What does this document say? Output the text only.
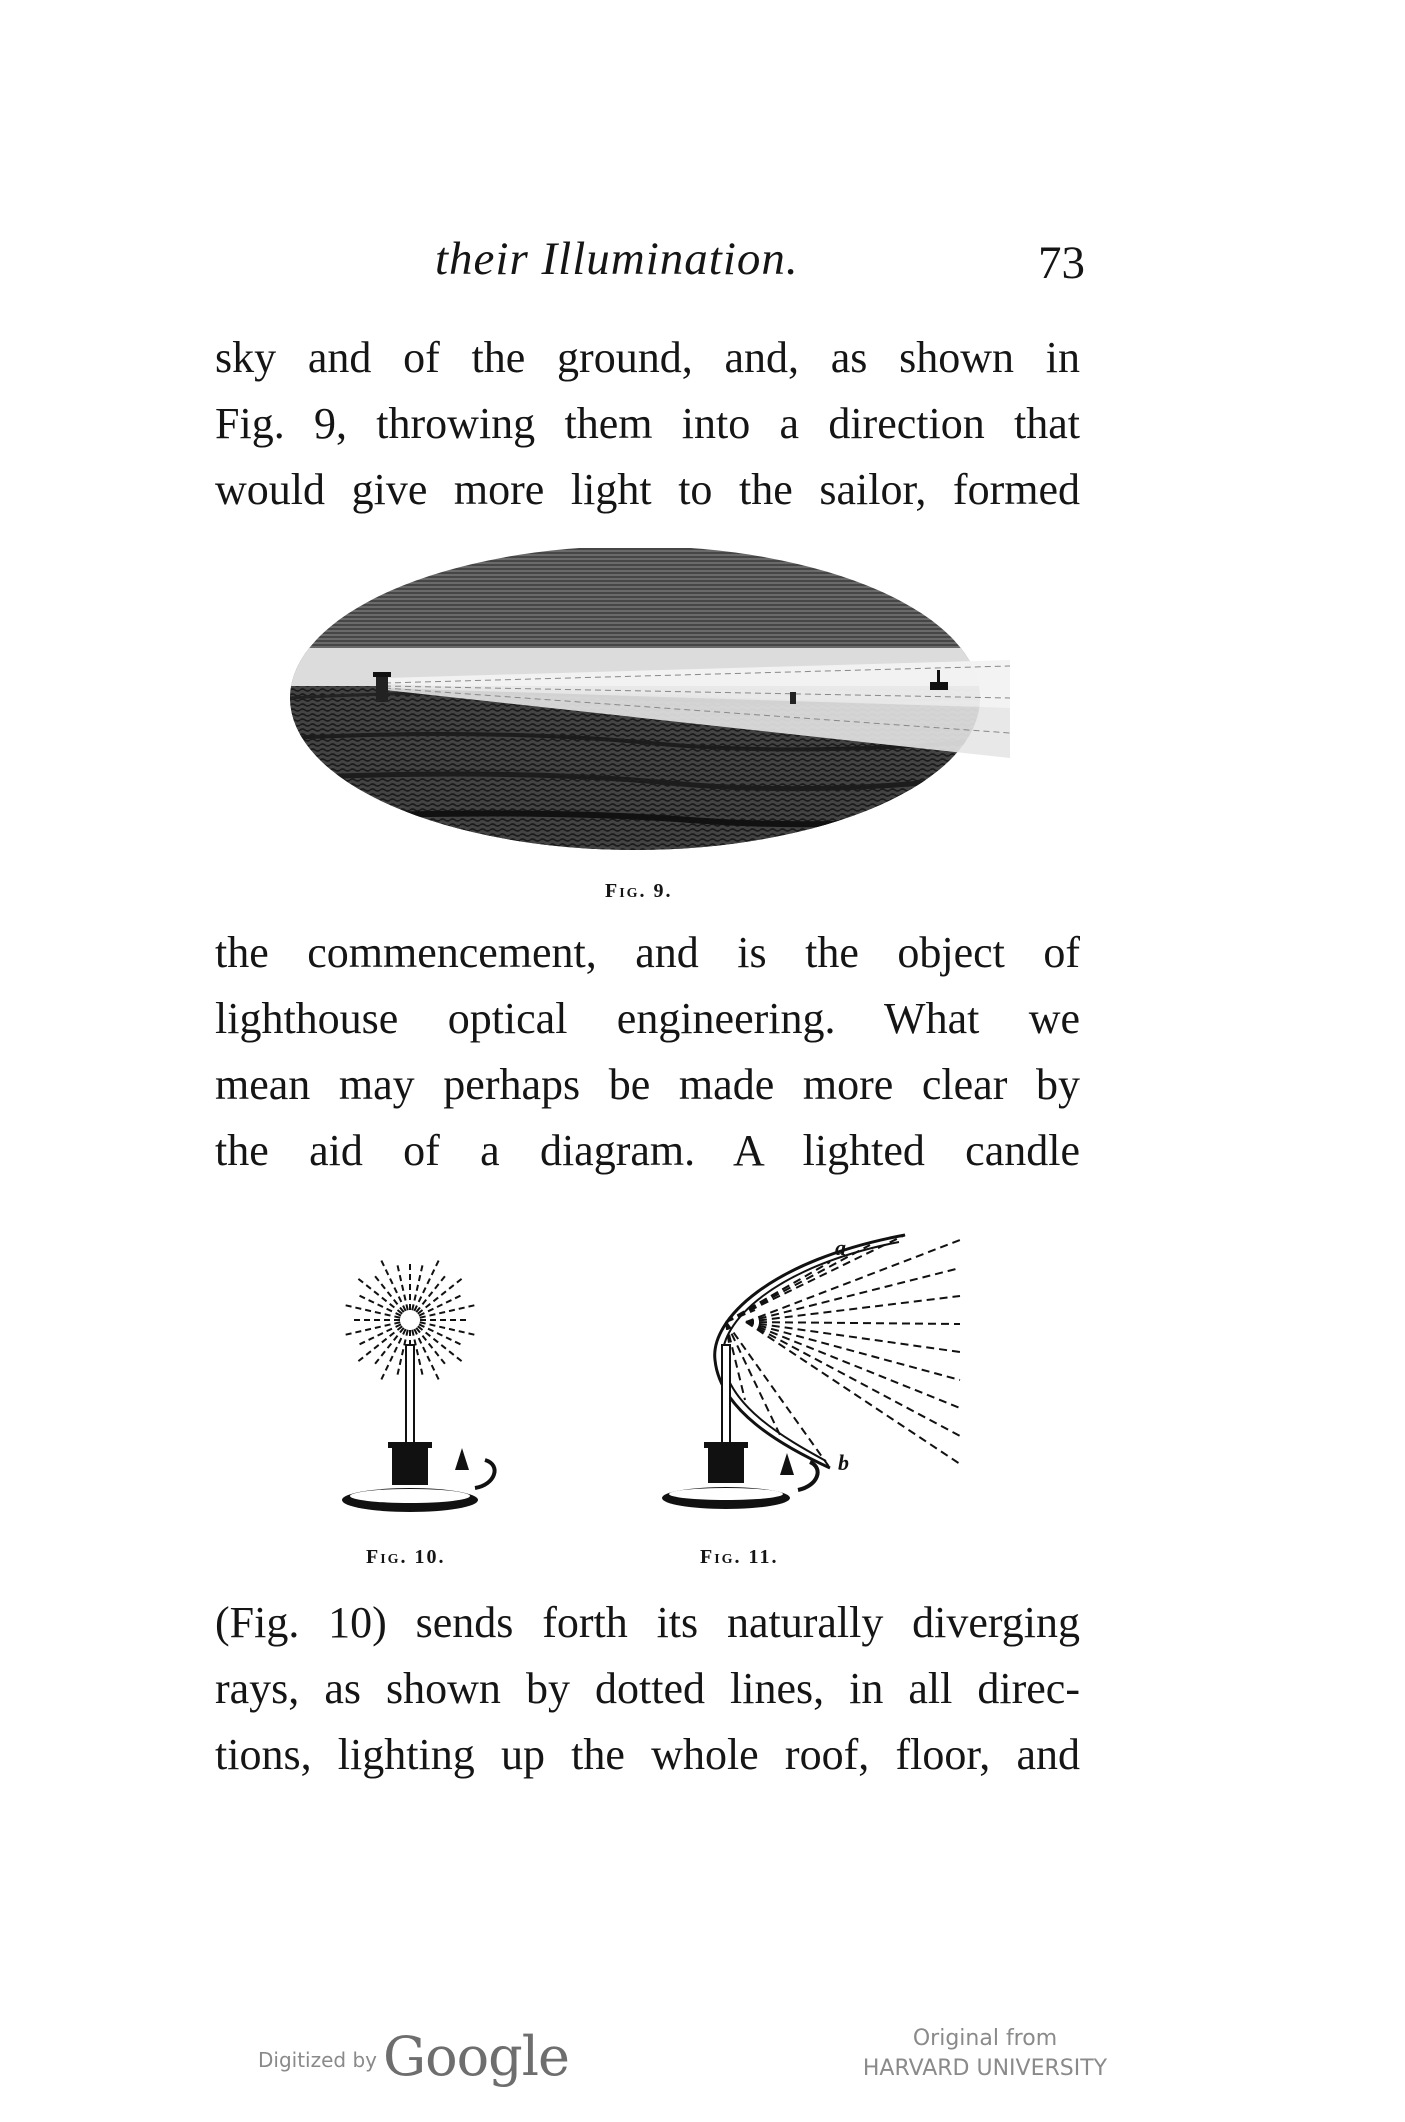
their Illumination.	73

sky and of the ground, and, as shown in
Fig. 9, throwing them into a direction that
would give more light to the sailor, formed

Fig. 9.

the commencement, and is the object of
lighthouse optical engineering. What we
mean may perhaps be made more clear by
the aid of a diagram. A lighted candle

Fig. 10.
a
b
Fig. 11.

(Fig. 10) sends forth its naturally diverging
rays, as shown by dotted lines, in all direc-
tions, lighting up the whole roof, floor, and

Digitized by Google	Original from
HARVARD UNIVERSITY
